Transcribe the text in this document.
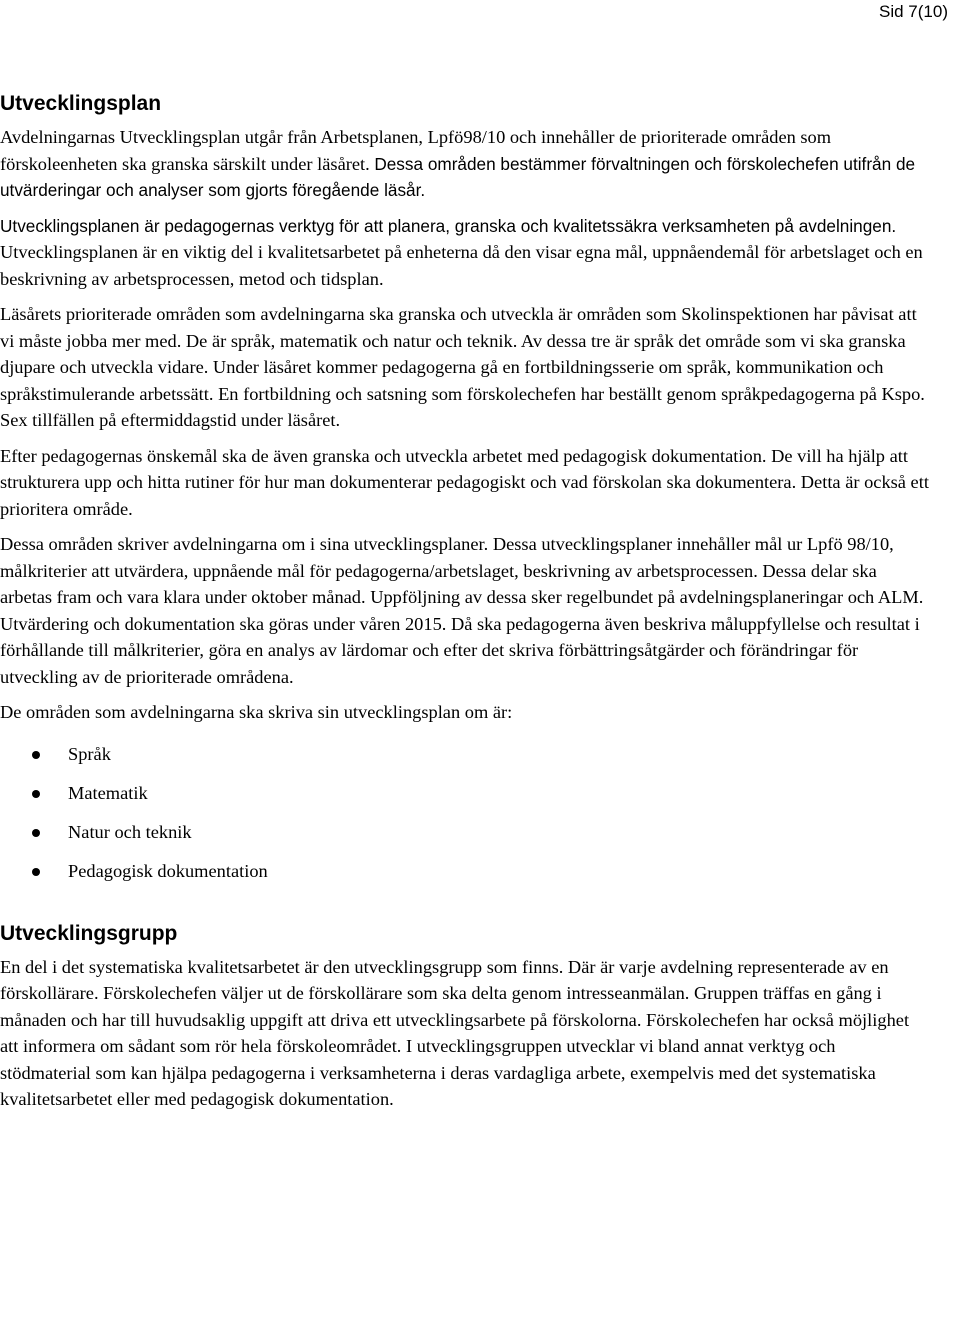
Sid 7(10)
Utvecklingsplan

Avdelningarnas Utvecklingsplan utgår från Arbetsplanen, Lpfö98/10 och innehåller de prioriterade områden som förskoleenheten ska granska särskilt under läsåret. Dessa områden bestämmer förvaltningen och förskolechefen utifrån de utvärderingar och analyser som gjorts föregående läsår.

Utvecklingsplanen är pedagogernas verktyg för att planera, granska och kvalitetssäkra verksamheten på avdelningen. Utvecklingsplanen är en viktig del i kvalitetsarbetet på enheterna då den visar egna mål, uppnåendemål för arbetslaget och en beskrivning av arbetsprocessen, metod och tidsplan.

Läsårets prioriterade områden som avdelningarna ska granska och utveckla är områden som Skolinspektionen har påvisat att vi måste jobba mer med. De är språk, matematik och natur och teknik. Av dessa tre är språk det område som vi ska granska djupare och utveckla vidare. Under läsåret kommer pedagogerna gå en fortbildningsserie om språk, kommunikation och språkstimulerande arbetssätt. En fortbildning och satsning som förskolechefen har beställt genom språkpedagogerna på Kspo. Sex tillfällen på eftermiddagstid under läsåret.

Efter pedagogernas önskemål ska de även granska och utveckla arbetet med pedagogisk dokumentation. De vill ha hjälp att strukturera upp och hitta rutiner för hur man dokumenterar pedagogiskt och vad förskolan ska dokumentera. Detta är också ett prioritera område.

Dessa områden skriver avdelningarna om i sina utvecklingsplaner. Dessa utvecklingsplaner innehåller mål ur Lpfö 98/10, målkriterier att utvärdera, uppnående mål för pedagogerna/arbetslaget, beskrivning av arbetsprocessen. Dessa delar ska arbetas fram och vara klara under oktober månad. Uppföljning av dessa sker regelbundet på avdelningsplaneringar och ALM. Utvärdering och dokumentation ska göras under våren 2015. Då ska pedagogerna även beskriva måluppfyllelse och resultat i förhållande till målkriterier, göra en analys av lärdomar och efter det skriva förbättringsåtgärder och förändringar för utveckling av de prioriterade områdena.

De områden som avdelningarna ska skriva sin utvecklingsplan om är:

Språk
Matematik
Natur och teknik
Pedagogisk dokumentation
Utvecklingsgrupp

En del i det systematiska kvalitetsarbetet är den utvecklingsgrupp som finns. Där är varje avdelning representerade av en förskollärare. Förskolechefen väljer ut de förskollärare som ska delta genom intresseanmälan. Gruppen träffas en gång i månaden och har till huvudsaklig uppgift att driva ett utvecklingsarbete på förskolorna. Förskolechefen har också möjlighet att informera om sådant som rör hela förskoleområdet. I utvecklingsgruppen utvecklar vi bland annat verktyg och stödmaterial som kan hjälpa pedagogerna i verksamheterna i deras vardagliga arbete, exempelvis med det systematiska kvalitetsarbetet eller med pedagogisk dokumentation.
